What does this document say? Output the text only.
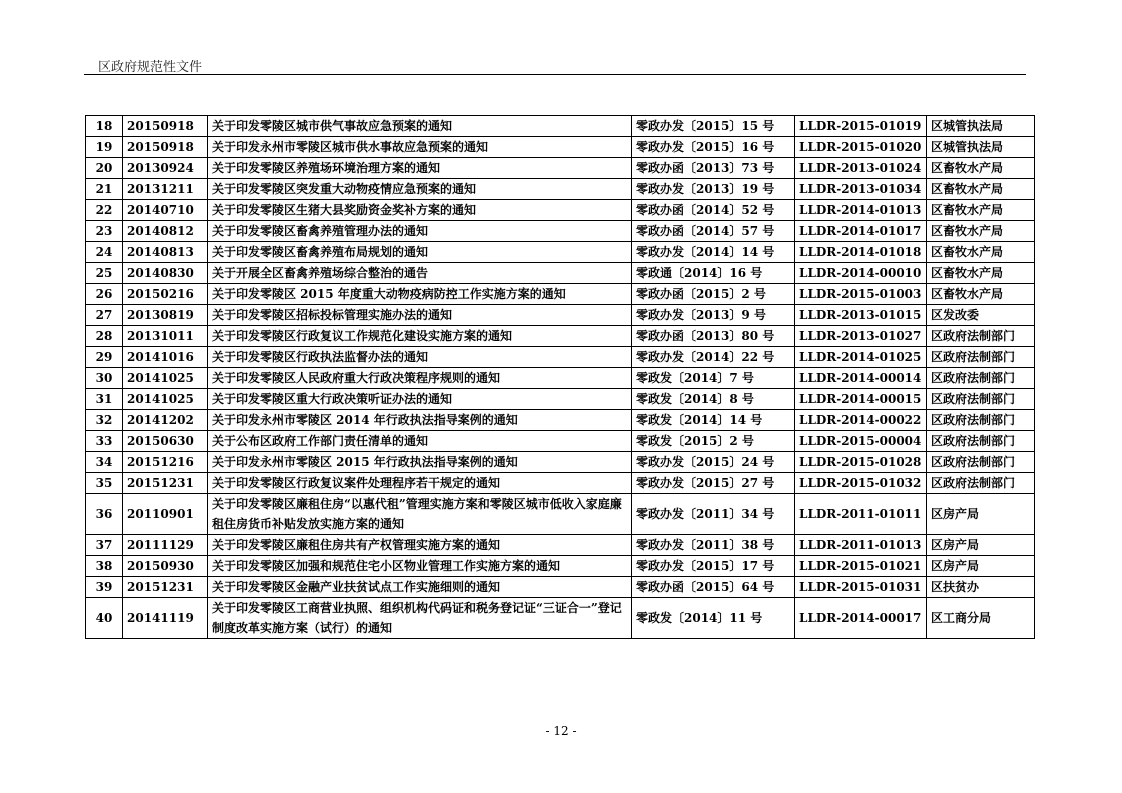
区政府规范性文件
18	20150918	关于印发零陵区城市供气事故应急预案的通知	零政办发〔2015〕15 号	LLDR-2015-01019	区城管执法局
19	20150918	关于印发永州市零陵区城市供水事故应急预案的通知	零政办发〔2015〕16 号	LLDR-2015-01020	区城管执法局
20	20130924	关于印发零陵区养殖场环境治理方案的通知	零政办函〔2013〕73 号	LLDR-2013-01024	区畜牧水产局
21	20131211	关于印发零陵区突发重大动物疫情应急预案的通知	零政办发〔2013〕19 号	LLDR-2013-01034	区畜牧水产局
22	20140710	关于印发零陵区生猪大县奖励资金奖补方案的通知	零政办函〔2014〕52 号	LLDR-2014-01013	区畜牧水产局
23	20140812	关于印发零陵区畜禽养殖管理办法的通知	零政办函〔2014〕57 号	LLDR-2014-01017	区畜牧水产局
24	20140813	关于印发零陵区畜禽养殖布局规划的通知	零政办发〔2014〕14 号	LLDR-2014-01018	区畜牧水产局
25	20140830	关于开展全区畜禽养殖场综合整治的通告	零政通〔2014〕16 号	LLDR-2014-00010	区畜牧水产局
26	20150216	关于印发零陵区 2015 年度重大动物疫病防控工作实施方案的通知	零政办函〔2015〕2 号	LLDR-2015-01003	区畜牧水产局
27	20130819	关于印发零陵区招标投标管理实施办法的通知	零政办发〔2013〕9 号	LLDR-2013-01015	区发改委
28	20131011	关于印发零陵区行政复议工作规范化建设实施方案的通知	零政办函〔2013〕80 号	LLDR-2013-01027	区政府法制部门
29	20141016	关于印发零陵区行政执法监督办法的通知	零政办发〔2014〕22 号	LLDR-2014-01025	区政府法制部门
30	20141025	关于印发零陵区人民政府重大行政决策程序规则的通知	零政发〔2014〕7 号	LLDR-2014-00014	区政府法制部门
31	20141025	关于印发零陵区重大行政决策听证办法的通知	零政发〔2014〕8 号	LLDR-2014-00015	区政府法制部门
32	20141202	关于印发永州市零陵区 2014 年行政执法指导案例的通知	零政发〔2014〕14 号	LLDR-2014-00022	区政府法制部门
33	20150630	关于公布区政府工作部门责任清单的通知	零政发〔2015〕2 号	LLDR-2015-00004	区政府法制部门
34	20151216	关于印发永州市零陵区 2015 年行政执法指导案例的通知	零政办发〔2015〕24 号	LLDR-2015-01028	区政府法制部门
35	20151231	关于印发零陵区行政复议案件处理程序若干规定的通知	零政办发〔2015〕27 号	LLDR-2015-01032	区政府法制部门
36	20110901	关于印发零陵区廉租住房“以惠代租”管理实施方案和零陵区城市低收入家庭廉租住房货币补贴发放实施方案的通知	零政办发〔2011〕34 号	LLDR-2011-01011	区房产局
37	20111129	关于印发零陵区廉租住房共有产权管理实施方案的通知	零政办发〔2011〕38 号	LLDR-2011-01013	区房产局
38	20150930	关于印发零陵区加强和规范住宅小区物业管理工作实施方案的通知	零政办发〔2015〕17 号	LLDR-2015-01021	区房产局
39	20151231	关于印发零陵区金融产业扶贫试点工作实施细则的通知	零政办函〔2015〕64 号	LLDR-2015-01031	区扶贫办
40	20141119	关于印发零陵区工商营业执照、组织机构代码证和税务登记证“三证合一”登记制度改革实施方案（试行）的通知	零政发〔2014〕11 号	LLDR-2014-00017	区工商分局
- 12 -
